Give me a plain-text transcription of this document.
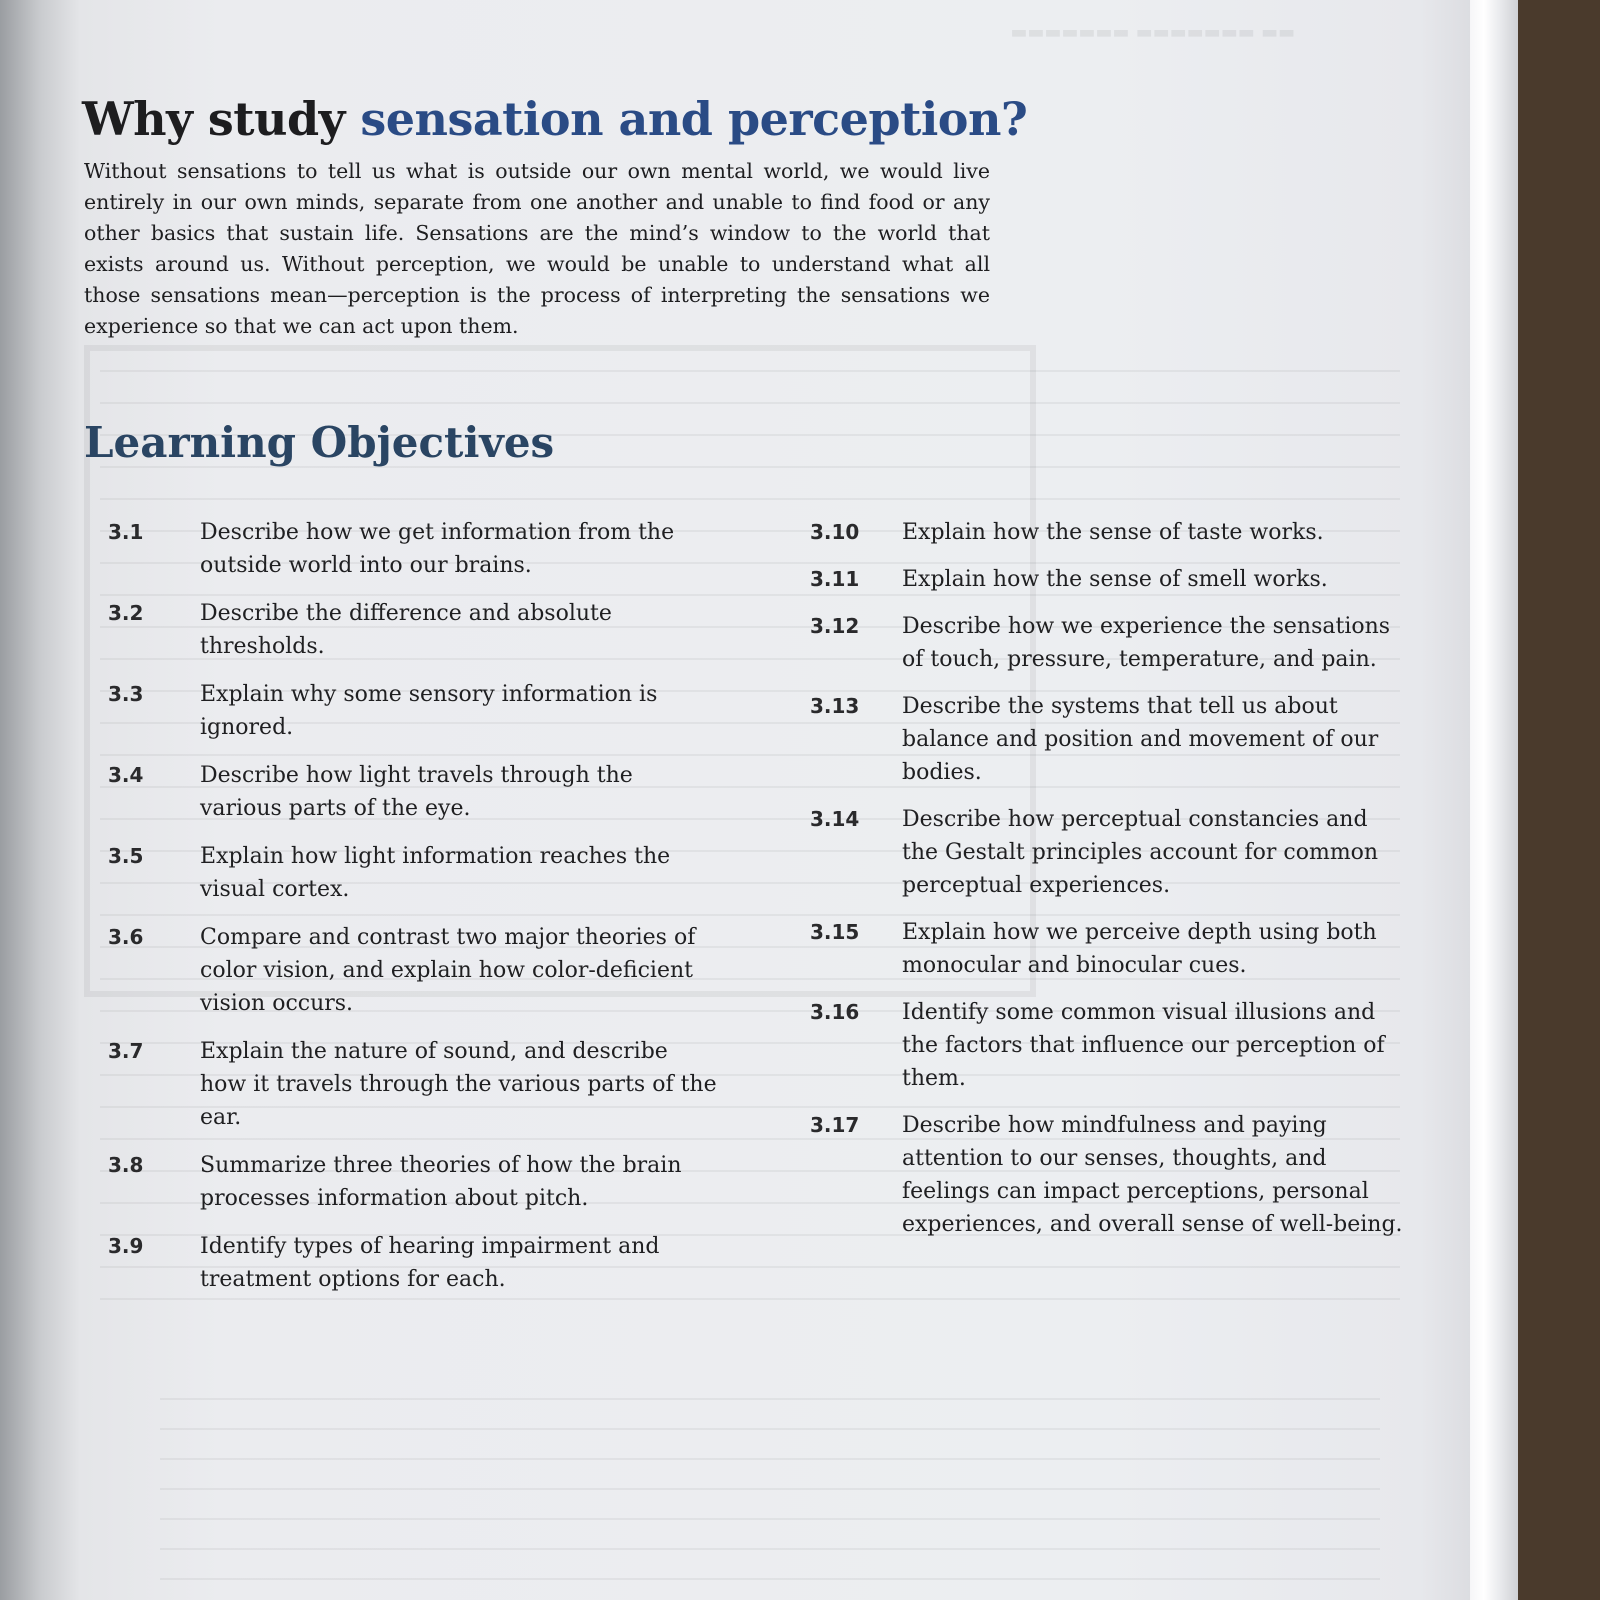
▬▬▬▬▬▬▬ ▬▬▬▬▬▬▬ ▬▬
Why study sensation and perception?

Without sensations to tell us what is outside our own mental world, we would live entirely in our own minds, separate from one another and unable to find food or any other basics that sustain life. Sensations are the mind’s window to the world that exists around us. Without perception, we would be unable to understand what all those sensations mean—perception is the process of interpreting the sensations we experience so that we can act upon them.

Learning Objectives
3.1	Describe how we get information from the outside world into our brains.
3.2	Describe the difference and absolute thresholds.
3.3	Explain why some sensory information is ignored.
3.4	Describe how light travels through the various parts of the eye.
3.5	Explain how light information reaches the visual cortex.
3.6	Compare and contrast two major theories of color vision, and explain how color-deficient vision occurs.
3.7	Explain the nature of sound, and describe how it travels through the various parts of the ear.
3.8	Summarize three theories of how the brain processes information about pitch.
3.9	Identify types of hearing impairment and treatment options for each.
3.10	Explain how the sense of taste works.
3.11	Explain how the sense of smell works.
3.12	Describe how we experience the sensations of touch, pressure, temperature, and pain.
3.13	Describe the systems that tell us about balance and position and movement of our bodies.
3.14	Describe how perceptual constancies and the Gestalt principles account for common perceptual experiences.
3.15	Explain how we perceive depth using both monocular and binocular cues.
3.16	Identify some common visual illusions and the factors that influence our perception of them.
3.17	Describe how mindfulness and paying attention to our senses, thoughts, and feelings can impact perceptions, personal experiences, and overall sense of well-being.
